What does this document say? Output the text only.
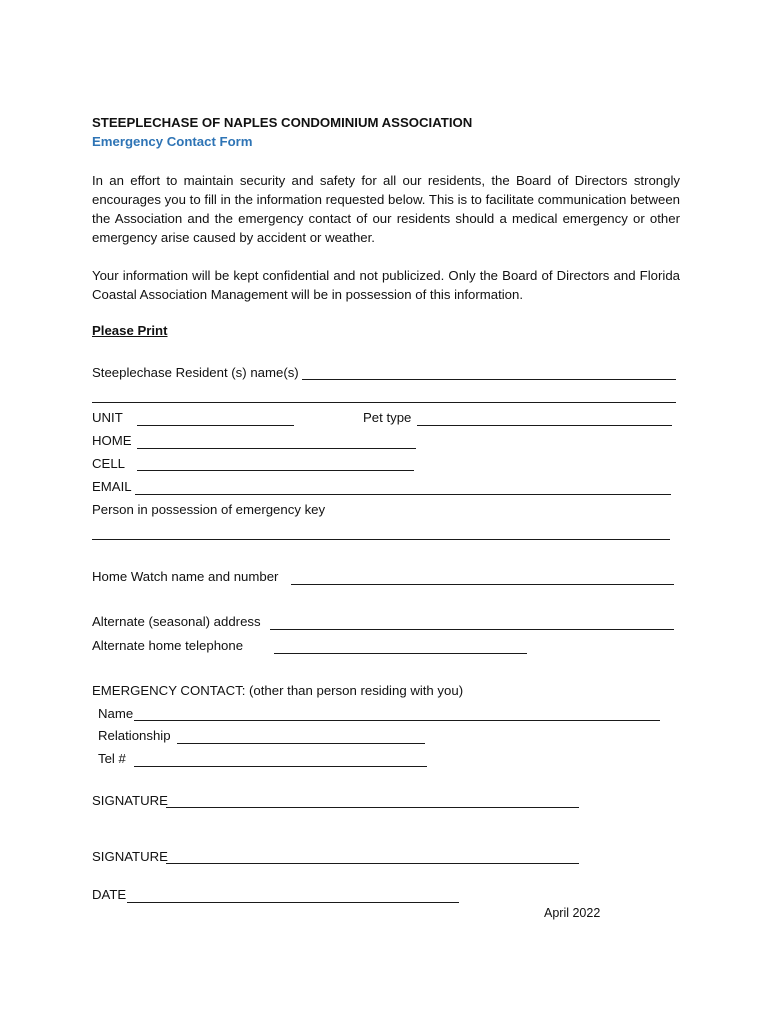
STEEPLECHASE OF NAPLES CONDOMINIUM ASSOCIATION
Emergency Contact Form
In an effort to maintain security and safety for all our residents, the Board of Directors strongly encourages you to fill in the information requested below. This is to facilitate communication between the Association and the emergency contact of our residents should a medical emergency or other emergency arise caused by accident or weather.
Your information will be kept confidential and not publicized. Only the Board of Directors and Florida Coastal Association Management will be in possession of this information.
Please Print
Steeplechase Resident (s) name(s)
UNIT	Pet type
HOME
CELL
EMAIL
Person in possession of emergency key
Home Watch name and number
Alternate (seasonal) address
Alternate home telephone
EMERGENCY CONTACT: (other than person residing with you)
Name
Relationship
Tel #
SIGNATURE
SIGNATURE
DATE
April 2022
